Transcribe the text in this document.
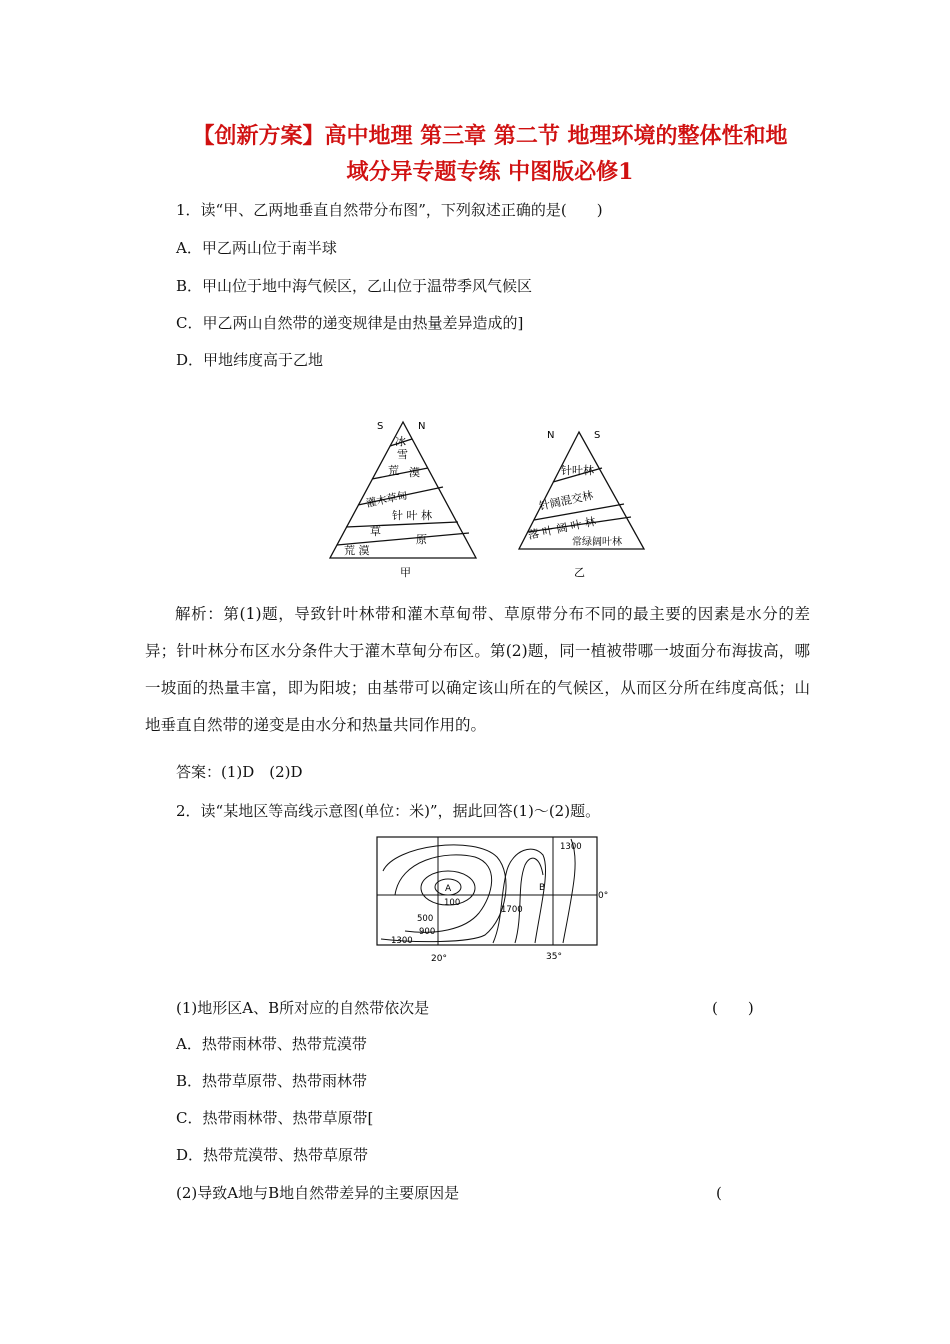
【创新方案】高中地理 第三章 第二节 地理环境的整体性和地
域分异专题专练 中图版必修1
1．读“甲、乙两地垂直自然带分布图”，下列叙述正确的是(　　)
A．甲乙两山位于南半球
B．甲山位于地中海气候区，乙山位于温带季风气候区
C．甲乙两山自然带的递变规律是由热量差异造成的]
D．甲地纬度高于乙地
S	N
冰
雪
荒 漠
灌木草甸
针 叶 林
草
原
荒 漠
甲
N	S
针叶林
针阔混交林
落 叶 阔 叶 林
常绿阔叶林
乙
解析：第(1)题，导致针叶林带和灌木草甸带、草原带分布不同的最主要的因素是水分的差异；针叶林分布区水分条件大于灌木草甸分布区。第(2)题，同一植被带哪一坡面分布海拔高，哪一坡面的热量丰富，即为阳坡；由基带可以确定该山所在的气候区，从而区分所在纬度高低；山地垂直自然带的递变是由水分和热量共同作用的。
答案：(1)D　(2)D
2．读“某地区等高线示意图(单位：米)”，据此回答(1)～(2)题。
A	B
1300
100
1700
500
900
1300
0°
20°	35°
(1)地形区A、B所对应的自然带依次是	(　　)
A．热带雨林带、热带荒漠带
B．热带草原带、热带雨林带
C．热带雨林带、热带草原带[
D．热带荒漠带、热带草原带
(2)导致A地与B地自然带差异的主要原因是	(
